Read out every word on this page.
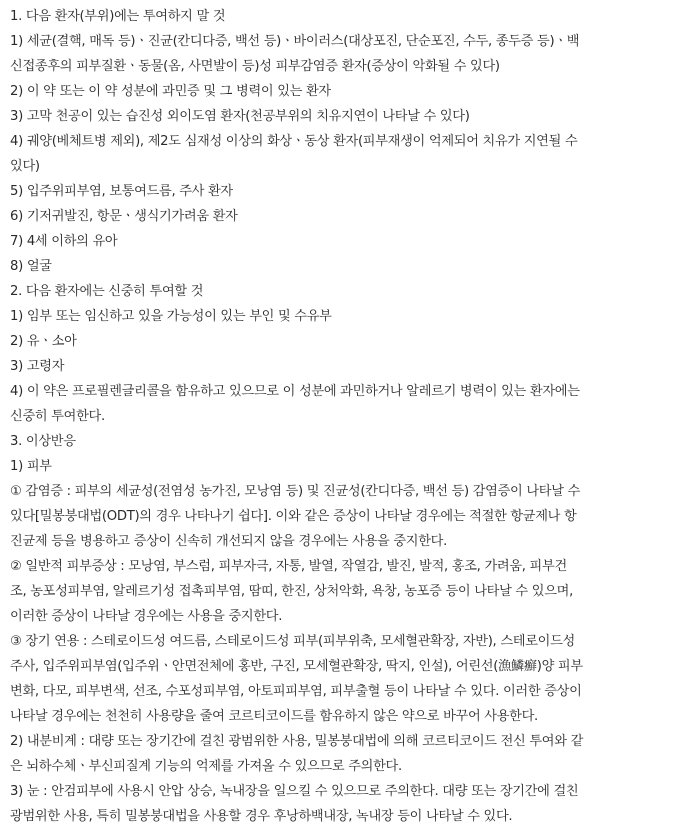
1. 다음 환자(부위)에는 투여하지 말 것
1) 세균(결핵, 매독 등)ㆍ진균(칸디다증, 백선 등)ㆍ바이러스(대상포진, 단순포진, 수두, 종두증 등)ㆍ백
신접종후의 피부질환ㆍ동물(옴, 사면발이 등)성 피부감염증 환자(증상이 악화될 수 있다)
2) 이 약 또는 이 약 성분에 과민증 및 그 병력이 있는 환자
3) 고막 천공이 있는 습진성 외이도염 환자(천공부위의 치유지연이 나타날 수 있다)
4) 궤양(베체트병 제외), 제2도 심재성 이상의 화상ㆍ동상 환자(피부재생이 억제되어 치유가 지연될 수
있다)
5) 입주위피부염, 보통여드름, 주사 환자
6) 기저귀발진, 항문ㆍ생식기가려움 환자
7) 4세 이하의 유아
8) 얼굴
2. 다음 환자에는 신중히 투여할 것
1) 임부 또는 임신하고 있을 가능성이 있는 부인 및 수유부
2) 유ㆍ소아
3) 고령자
4) 이 약은 프로필렌글리콜을 함유하고 있으므로 이 성분에 과민하거나 알레르기 병력이 있는 환자에는
신중히 투여한다.
3. 이상반응
1) 피부
① 감염증 : 피부의 세균성(전염성 농가진, 모낭염 등) 및 진균성(칸디다증, 백선 등) 감염증이 나타날 수
있다[밀봉붕대법(ODT)의 경우 나타나기 쉽다]. 이와 같은 증상이 나타날 경우에는 적절한 항균제나 항
진균제 등을 병용하고 증상이 신속히 개선되지 않을 경우에는 사용을 중지한다.
② 일반적 피부증상 : 모낭염, 부스럼, 피부자극, 자통, 발열, 작열감, 발진, 발적, 홍조, 가려움, 피부건
조, 농포성피부염, 알레르기성 접촉피부염, 땀띠, 한진, 상처악화, 욕창, 농포증 등이 나타날 수 있으며,
이러한 증상이 나타날 경우에는 사용을 중지한다.
③ 장기 연용 : 스테로이드성 여드름, 스테로이드성 피부(피부위축, 모세혈관확장, 자반), 스테로이드성
주사, 입주위피부염(입주위ㆍ안면전체에 홍반, 구진, 모세혈관확장, 딱지, 인설), 어린선(漁鱗癬)양 피부
변화, 다모, 피부변색, 선조, 수포성피부염, 아토피피부염, 피부출혈 등이 나타날 수 있다. 이러한 증상이
나타날 경우에는 천천히 사용량을 줄여 코르티코이드를 함유하지 않은 약으로 바꾸어 사용한다.
2) 내분비계 : 대량 또는 장기간에 걸친 광범위한 사용, 밀봉붕대법에 의해 코르티코이드 전신 투여와 같
은 뇌하수체ㆍ부신피질계 기능의 억제를 가져올 수 있으므로 주의한다.
3) 눈 : 안검피부에 사용시 안압 상승, 녹내장을 일으킬 수 있으므로 주의한다. 대량 또는 장기간에 걸친
광범위한 사용, 특히 밀봉붕대법을 사용할 경우 후낭하백내장, 녹내장 등이 나타날 수 있다.
